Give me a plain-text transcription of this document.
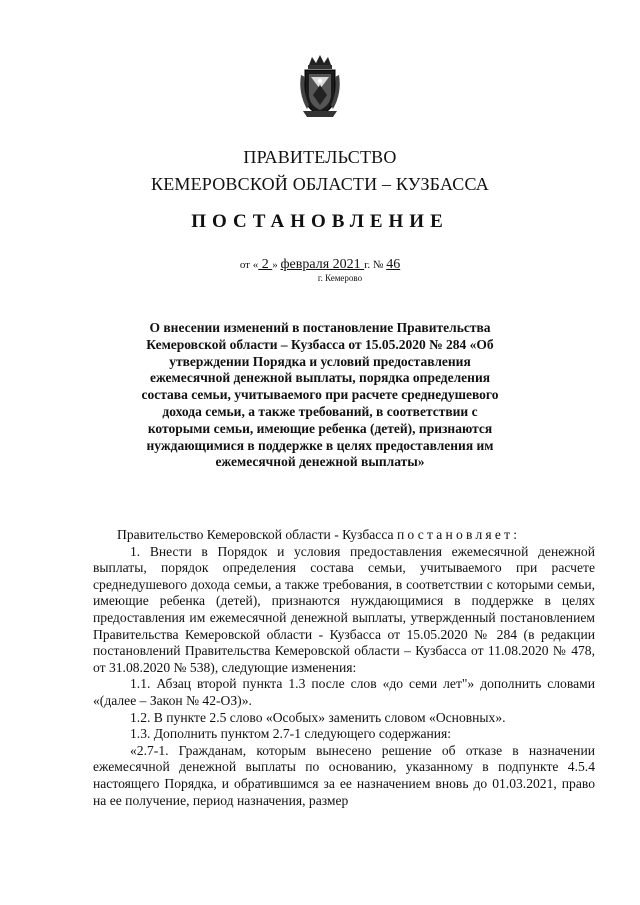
ПРАВИТЕЛЬСТВО
КЕМЕРОВСКОЙ ОБЛАСТИ – КУЗБАССА
ПОСТАНОВЛЕНИЕ
от « 2 » февраля 2021 г. № 46
г. Кемерово
О внесении изменений в постановление Правительства Кемеровской области – Кузбасса от 15.05.2020 № 284 «Об утверждении Порядка и условий предоставления ежемесячной денежной выплаты, порядка определения состава семьи, учитываемого при расчете среднедушевого дохода семьи, а также требований, в соответствии с которыми семьи, имеющие ребенка (детей), признаются нуждающимися в поддержке в целях предоставления им ежемесячной денежной выплаты»

Правительство Кемеровской области - Кузбасса постановляет:

1. Внести в Порядок и условия предоставления ежемесячной денежной выплаты, порядок определения состава семьи, учитываемого при расчете среднедушевого дохода семьи, а также требования, в соответствии с которыми семьи, имеющие ребенка (детей), признаются нуждающимися в поддержке в целях предоставления им ежемесячной денежной выплаты, утвержденный постановлением Правительства Кемеровской области - Кузбасса от 15.05.2020 № 284 (в редакции постановлений Правительства Кемеровской области – Кузбасса от 11.08.2020 № 478, от 31.08.2020 № 538), следующие изменения:

1.1. Абзац второй пункта 1.3 после слов «до семи лет"» дополнить словами «(далее – Закон № 42-ОЗ)».

1.2. В пункте 2.5 слово «Особых» заменить словом «Основных».

1.3. Дополнить пунктом 2.7-1 следующего содержания:

«2.7-1. Гражданам, которым вынесено решение об отказе в назначении ежемесячной денежной выплаты по основанию, указанному в подпункте 4.5.4 настоящего Порядка, и обратившимся за ее назначением вновь до 01.03.2021, право на ее получение, период назначения, размер
